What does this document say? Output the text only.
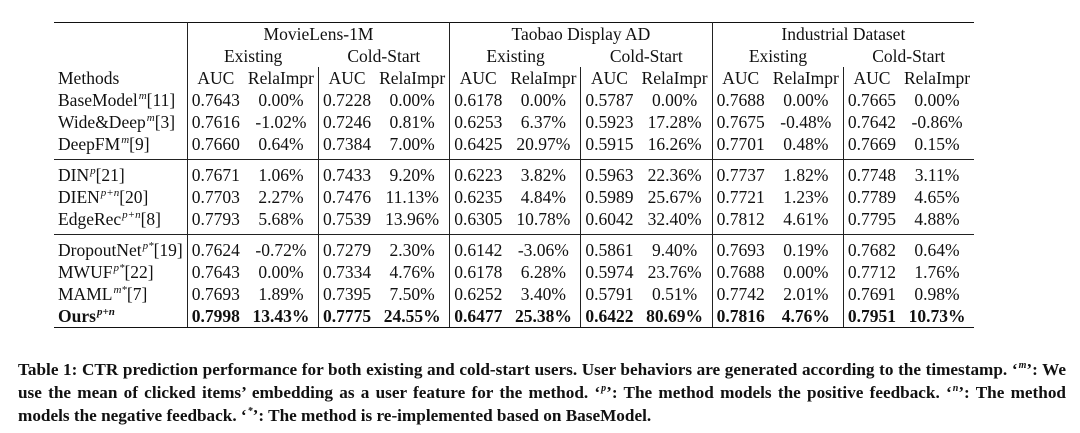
	MovieLens-1M				Taobao Display AD				Industrial Dataset			
	Existing		Cold-Start		Existing		Cold-Start		Existing		Cold-Start	
Methods	AUC	RelaImpr	AUC	RelaImpr	AUC	RelaImpr	AUC	RelaImpr	AUC	RelaImpr	AUC	RelaImpr
BaseModel$^m$[11]	0.7643	0.00%	0.7228	0.00%	0.6178	0.00%	0.5787	0.00%	0.7688	0.00%	0.7665	0.00%
Wide&Deep$^m$[3]	0.7616	-1.02%	0.7246	0.81%	0.6253	6.37%	0.5923	17.28%	0.7675	-0.48%	0.7642	-0.86%
DeepFM$^m$[9]	0.7660	0.64%	0.7384	7.00%	0.6425	20.97%	0.5915	16.26%	0.7701	0.48%	0.7669	0.15%

DIN$^p$[21]	0.7671	1.06%	0.7433	9.20%	0.6223	3.82%	0.5963	22.36%	0.7737	1.82%	0.7748	3.11%
$DIEN^{p+n}[20]$	0.7703	2.27%	0.7476	11.13%	0.6235	4.84%	0.5989	25.67%	0.7721	1.23%	0.7789	4.65%
EdgeRec$^{p+n}$[8]	0.7793	5.68%	0.7539	13.96%	0.6305	10.78%	0.6042	32.40%	0.7812	4.61%	0.7795	4.88%

DropoutNet$^{p*}$[19]	0.7624	-0.72%	0.7279	2.30%	0.6142	-3.06%	0.5861	9.40%	0.7693	0.19%	0.7682	0.64%
$MWUF^{p*}[22]$	0.7643	0.00%	0.7334	4.76%	0.6178	6.28%	0.5974	23.76%	0.7688	0.00%	0.7712	1.76%
$MAML^{m*}[7]$	0.7693	1.89%	0.7395	7.50%	0.6252	3.40%	0.5791	0.51%	0.7742	2.01%	0.7691	0.98%
Ours$^{p+n}$	0.7998	13.43%	0.7775	24.55%	0.6477	25.38%	0.6422	80.69%	0.7816	4.76%	0.7951	10.73%
Table 1: CTR prediction performance for both existing and cold-start users. User behaviors are generated according to the timestamp. ‘$^m$’: We use the mean of clicked items’ embedding as a user feature for the method. ‘$^p$’: The method models the positive feedback. ‘$^n$’: The method models the negative feedback. ‘*’: The method is re-implemented based on BaseModel.
